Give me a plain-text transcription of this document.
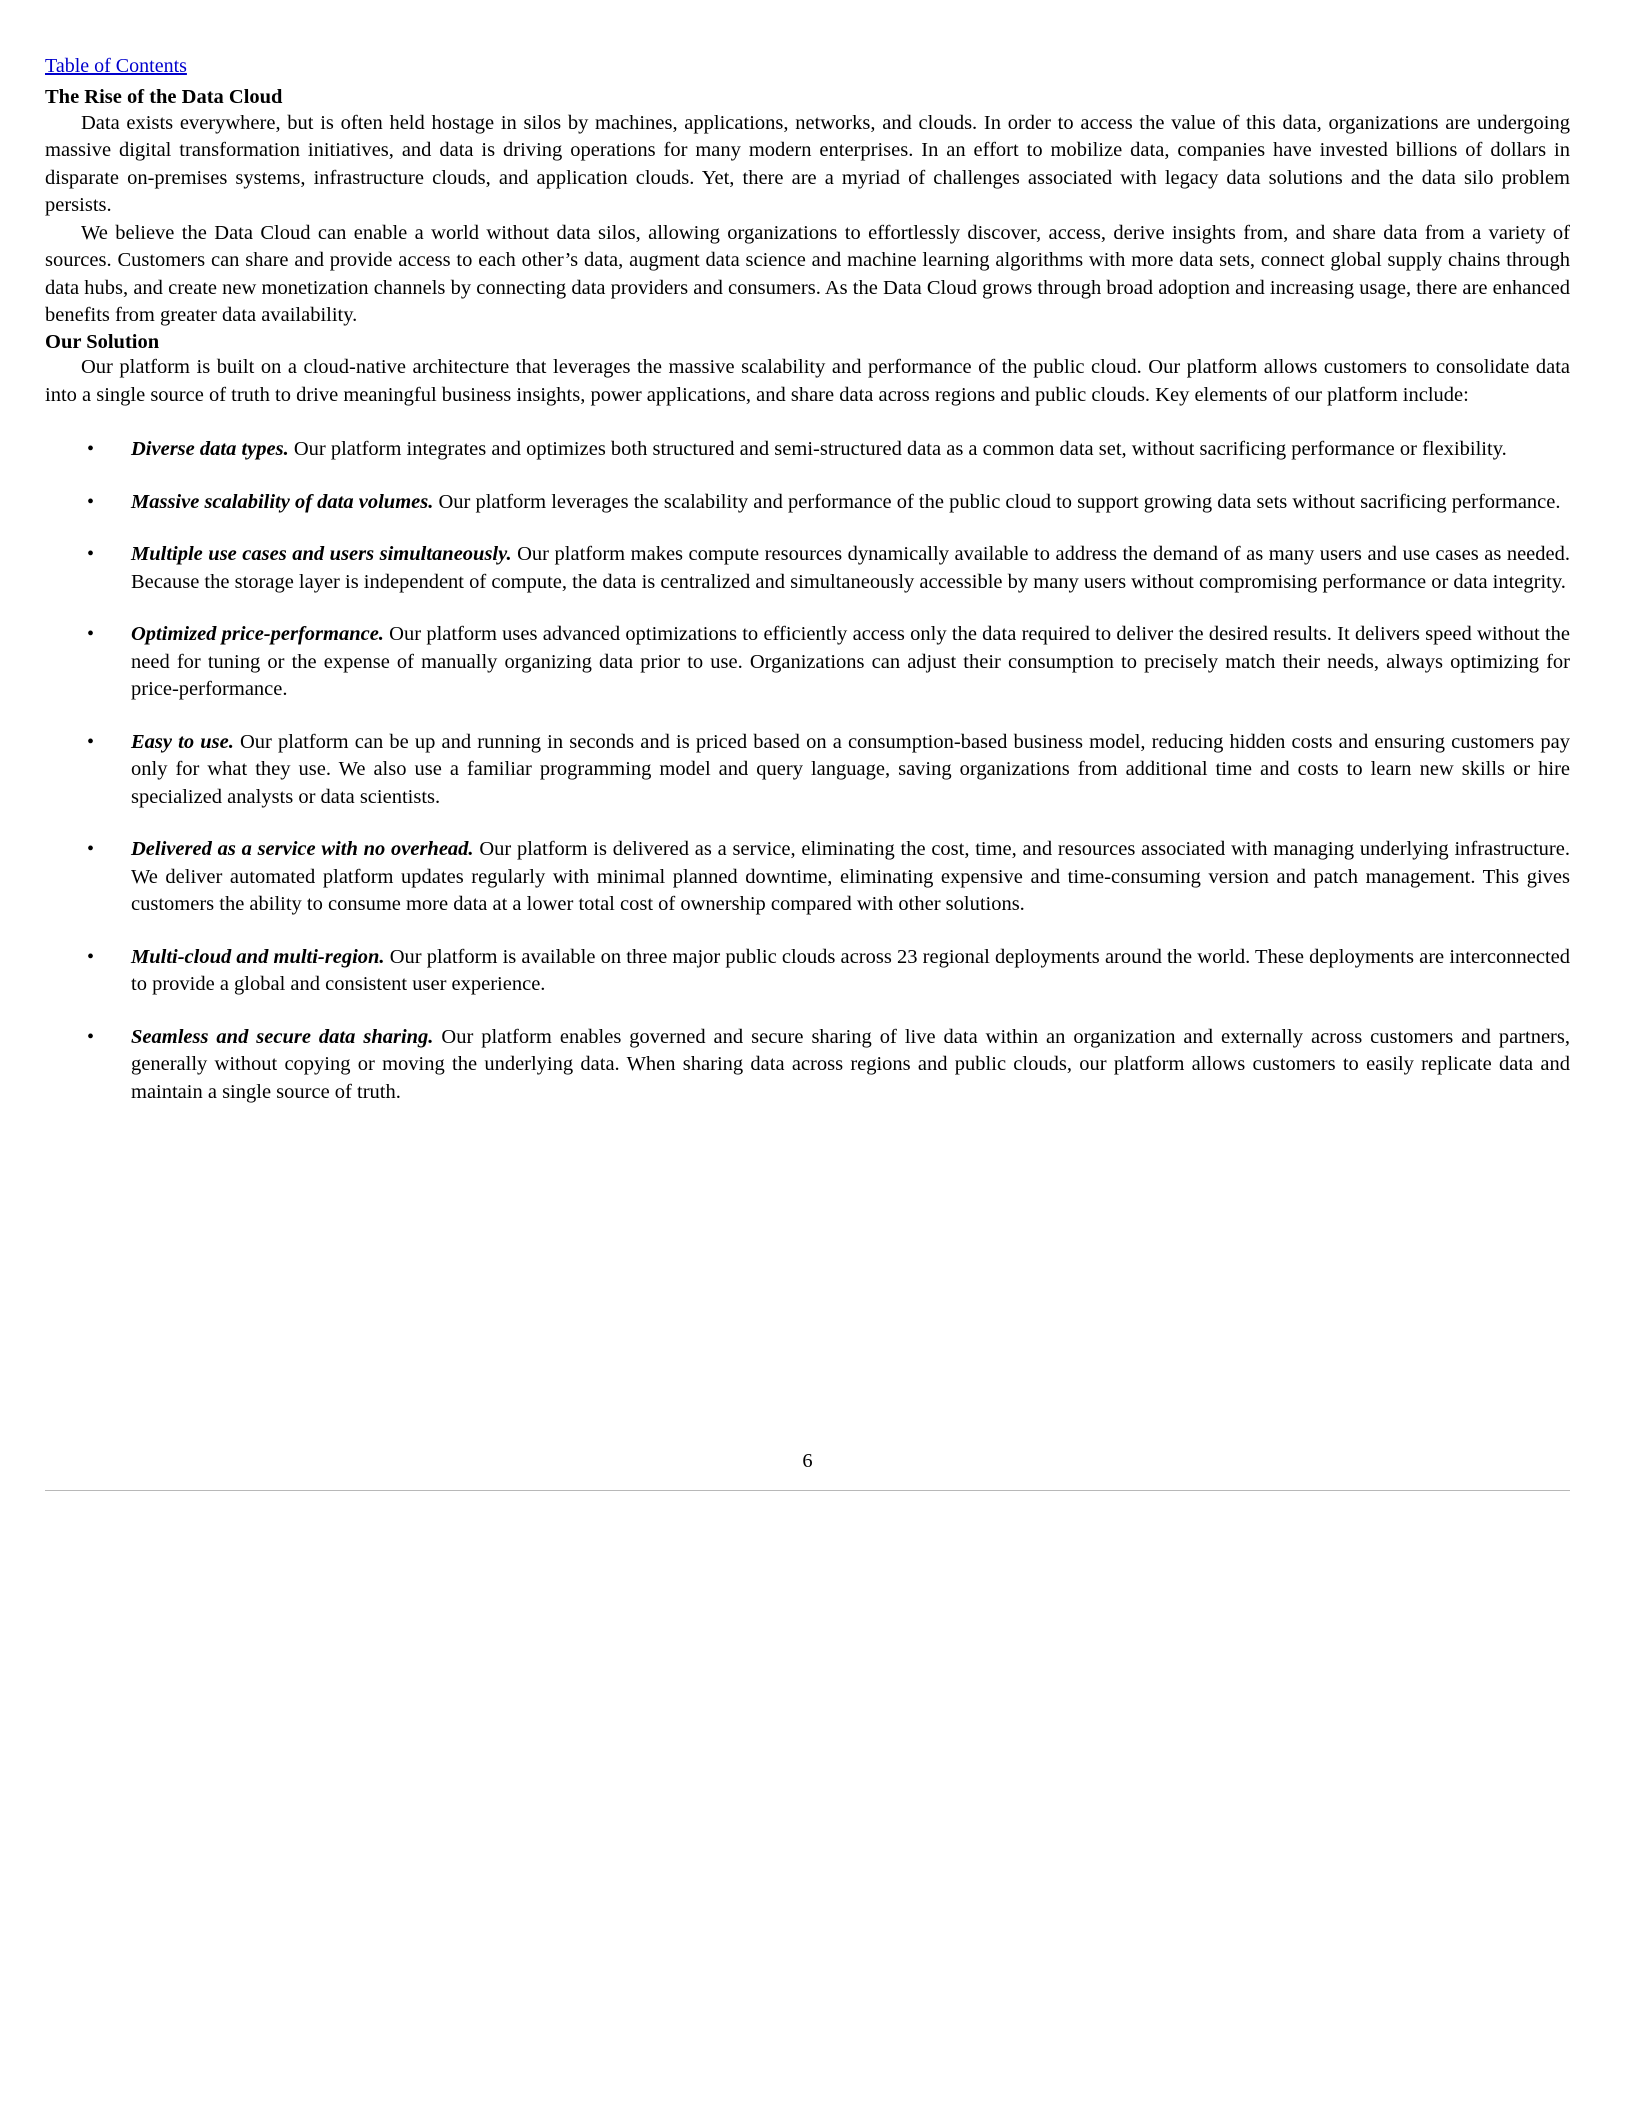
Table of Contents
The Rise of the Data Cloud

Data exists everywhere, but is often held hostage in silos by machines, applications, networks, and clouds. In order to access the value of this data, organizations are undergoing massive digital transformation initiatives, and data is driving operations for many modern enterprises. In an effort to mobilize data, companies have invested billions of dollars in disparate on-premises systems, infrastructure clouds, and application clouds. Yet, there are a myriad of challenges associated with legacy data solutions and the data silo problem persists.

We believe the Data Cloud can enable a world without data silos, allowing organizations to effortlessly discover, access, derive insights from, and share data from a variety of sources. Customers can share and provide access to each other’s data, augment data science and machine learning algorithms with more data sets, connect global supply chains through data hubs, and create new monetization channels by connecting data providers and consumers. As the Data Cloud grows through broad adoption and increasing usage, there are enhanced benefits from greater data availability.

Our Solution

Our platform is built on a cloud-native architecture that leverages the massive scalability and performance of the public cloud. Our platform allows customers to consolidate data into a single source of truth to drive meaningful business insights, power applications, and share data across regions and public clouds. Key elements of our platform include:

• Diverse data types. Our platform integrates and optimizes both structured and semi-structured data as a common data set, without sacrificing performance or flexibility.
• Massive scalability of data volumes. Our platform leverages the scalability and performance of the public cloud to support growing data sets without sacrificing performance.
• Multiple use cases and users simultaneously. Our platform makes compute resources dynamically available to address the demand of as many users and use cases as needed. Because the storage layer is independent of compute, the data is centralized and simultaneously accessible by many users without compromising performance or data integrity.
• Optimized price-performance. Our platform uses advanced optimizations to efficiently access only the data required to deliver the desired results. It delivers speed without the need for tuning or the expense of manually organizing data prior to use. Organizations can adjust their consumption to precisely match their needs, always optimizing for price-performance.
• Easy to use. Our platform can be up and running in seconds and is priced based on a consumption-based business model, reducing hidden costs and ensuring customers pay only for what they use. We also use a familiar programming model and query language, saving organizations from additional time and costs to learn new skills or hire specialized analysts or data scientists.
• Delivered as a service with no overhead. Our platform is delivered as a service, eliminating the cost, time, and resources associated with managing underlying infrastructure. We deliver automated platform updates regularly with minimal planned downtime, eliminating expensive and time-consuming version and patch management. This gives customers the ability to consume more data at a lower total cost of ownership compared with other solutions.
• Multi-cloud and multi-region. Our platform is available on three major public clouds across 23 regional deployments around the world. These deployments are interconnected to provide a global and consistent user experience.
• Seamless and secure data sharing. Our platform enables governed and secure sharing of live data within an organization and externally across customers and partners, generally without copying or moving the underlying data. When sharing data across regions and public clouds, our platform allows customers to easily replicate data and maintain a single source of truth.
6
